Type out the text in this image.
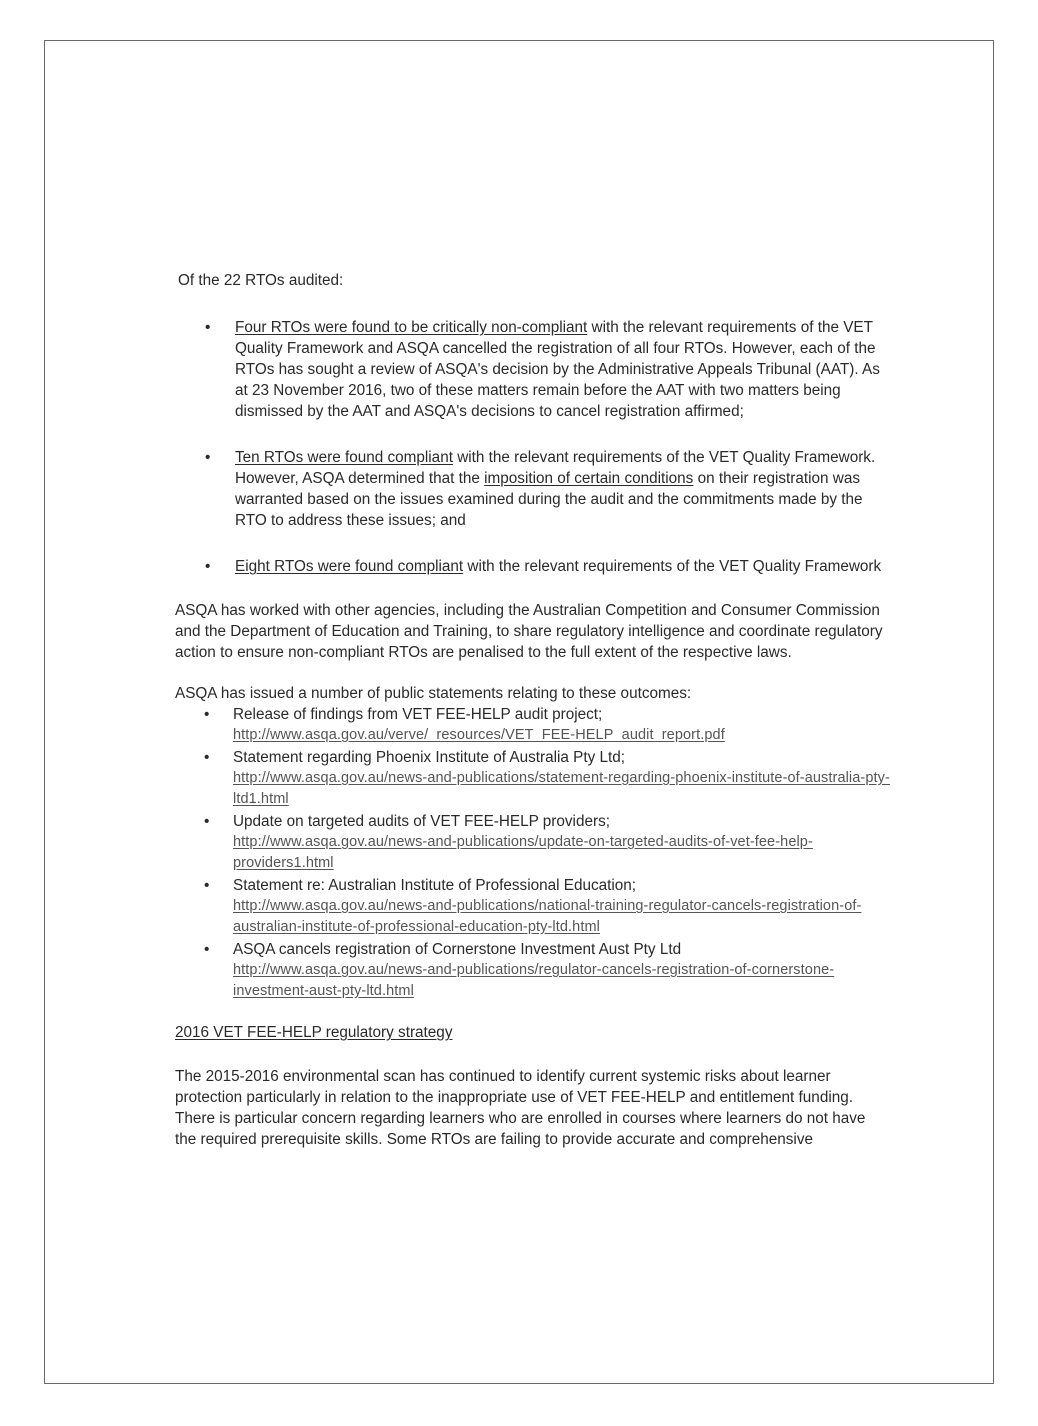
Of the 22 RTOs audited:

• Four RTOs were found to be critically non-compliant with the relevant requirements of the VET Quality Framework and ASQA cancelled the registration of all four RTOs. However, each of the RTOs has sought a review of ASQA's decision by the Administrative Appeals Tribunal (AAT). As at 23 November 2016, two of these matters remain before the AAT with two matters being dismissed by the AAT and ASQA's decisions to cancel registration affirmed;
• Ten RTOs were found compliant with the relevant requirements of the VET Quality Framework. However, ASQA determined that the imposition of certain conditions on their registration was warranted based on the issues examined during the audit and the commitments made by the RTO to address these issues; and
• Eight RTOs were found compliant with the relevant requirements of the VET Quality Framework

ASQA has worked with other agencies, including the Australian Competition and Consumer Commission and the Department of Education and Training, to share regulatory intelligence and coordinate regulatory action to ensure non-compliant RTOs are penalised to the full extent of the respective laws.

ASQA has issued a number of public statements relating to these outcomes:

• Release of findings from VET FEE-HELP audit project;
http://www.asqa.gov.au/verve/_resources/VET_FEE-HELP_audit_report.pdf
• Statement regarding Phoenix Institute of Australia Pty Ltd;
http://www.asqa.gov.au/news-and-publications/statement-regarding-phoenix-institute-of-australia-pty-ltd1.html
• Update on targeted audits of VET FEE-HELP providers;
http://www.asqa.gov.au/news-and-publications/update-on-targeted-audits-of-vet-fee-help-providers1.html
• Statement re: Australian Institute of Professional Education;
http://www.asqa.gov.au/news-and-publications/national-training-regulator-cancels-registration-of-australian-institute-of-professional-education-pty-ltd.html
• ASQA cancels registration of Cornerstone Investment Aust Pty Ltd
http://www.asqa.gov.au/news-and-publications/regulator-cancels-registration-of-cornerstone-investment-aust-pty-ltd.html

2016 VET FEE-HELP regulatory strategy

The 2015-2016 environmental scan has continued to identify current systemic risks about learner protection particularly in relation to the inappropriate use of VET FEE-HELP and entitlement funding. There is particular concern regarding learners who are enrolled in courses where learners do not have the required prerequisite skills. Some RTOs are failing to provide accurate and comprehensive
